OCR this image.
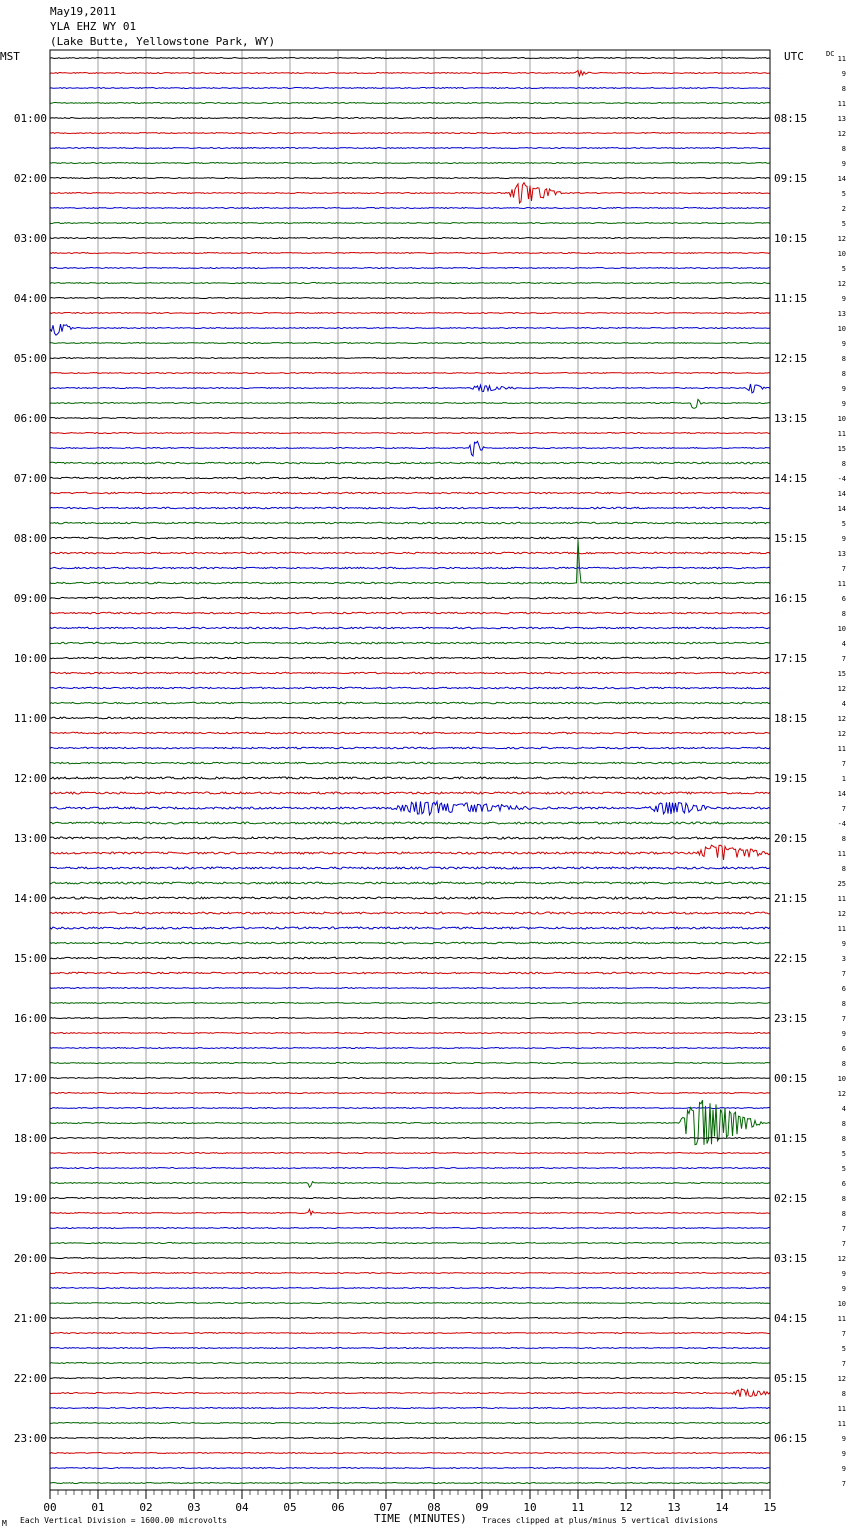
May19,2011
YLA EHZ WY 01
(Lake Butte, Yellowstone Park, WY)
00	01	02	03	04	05	06	07	08	09	10	11	12	13	14	15
11
9
8
11
13
12
8
9
14
5
2
5
12
10
5
12
9
13
10
9
8
8
9
9
10
11
15
8
-4
14
14
5
9
13
7
11
6
8
10
4
7
15
12
4
12
12
11
7
1
14
7
-4
8
11
8
25
11
12
11
9
3
7
6
8
7
9
6
8
10
12
4
8
8
5
5
6
8
8
7
7
12
9
9
10
11
7
5
7
12
8
11
11
9
9
9
7
01:00	08:15
02:00	09:15
03:00	10:15
04:00	11:15
05:00	12:15
06:00	13:15
07:00	14:15
08:00	15:15
09:00	16:15
10:00	17:15
11:00	18:15
12:00	19:15
13:00	20:15
14:00	21:15
15:00	22:15
16:00	23:15
17:00	00:15
18:00	01:15
19:00	02:15
20:00	03:15
21:00	04:15
22:00	05:15
23:00	06:15
MST	UTC	DC
TIME (MINUTES)
Each Vertical Division = 1600.00 microvolts	Traces clipped at plus/minus 5 vertical divisions
M
